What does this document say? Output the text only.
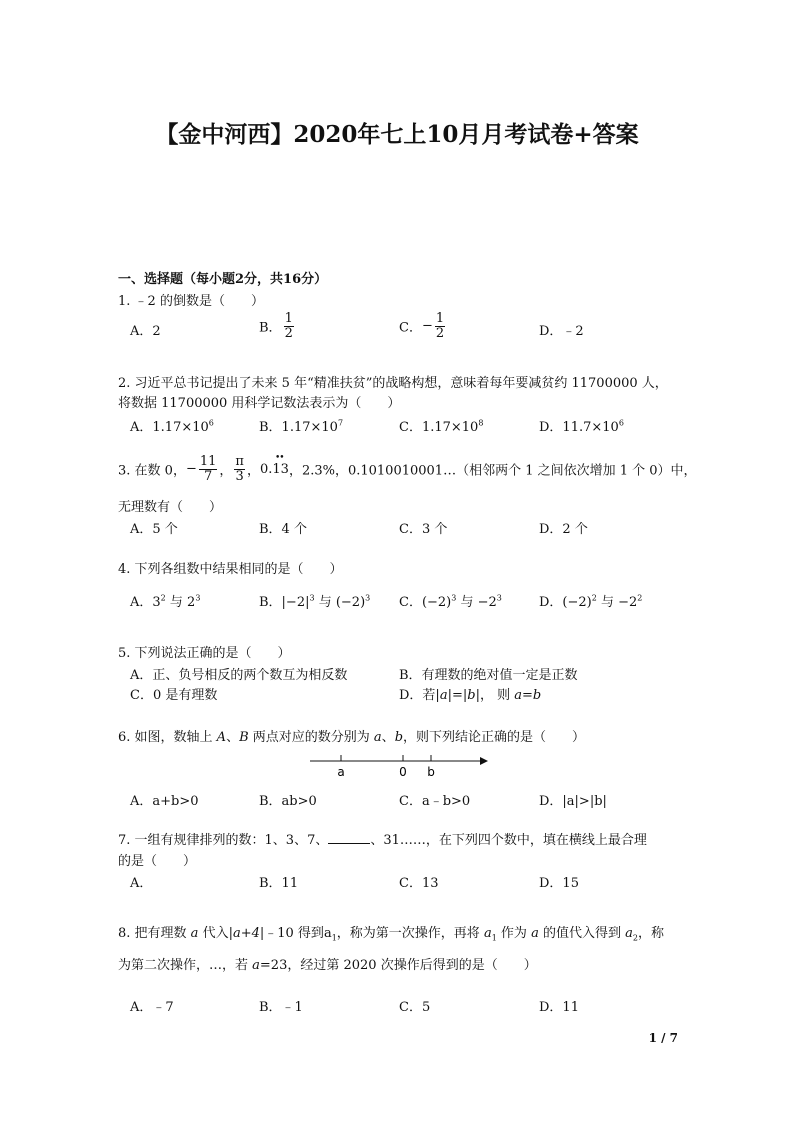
【金中河西】2020年七上10月月考试卷+答案
一、选择题（每小题2分，共16分）
1. ﹣2 的倒数是（　　）
A．2	B． $\frac{1}{2}$	C．− $\frac{1}{2}$	D．﹣2
2. 习近平总书记提出了未来 5 年“精准扶贫”的战略构想，意味着每年要减贫约 11700000 人，
将数据 11700000 用科学记数法表示为（　　）
A．$1.17\times 10^6$	B．$1.17\times 10^7$	C．$1.17\times 10^8$	D．$11.7\times 10^6$
3. 在数 0，− $\frac{11}{7}$ ， $\frac{\pi}{3}$ ，
••
0.13，2.3%，0.1010010001…（相邻两个 1 之间依次增加 1 个 0）中，
无理数有（　　）
A．5 个	B．4 个	C．3 个	D．2 个
4. 下列各组数中结果相同的是（　　）
A．$3^2$ 与 $2^3$	B．$|-2|^3$ 与 $(-2)^3$ C．$(-2)^3$ 与 $-2^3$	D．$(-2)^2$ 与 $-2^2$
5. 下列说法正确的是（　　）
A．正、负号相反的两个数互为相反数	B．有理数的绝对值一定是正数
C．0 是有理数	D．若|a|=|b|， 则 a=b
6. 如图，数轴上 A、B 两点对应的数分别为 a、b，则下列结论正确的是（　　）
a	0 b
A．a+b>0	B．ab>0	C．a﹣b>0	D．|a|>|b|
7. 一组有规律排列的数：1、3、7、	、31……，在下列四个数中，填在横线上最合理
的是（　　）
A．	B．11	C．13	D．15
8. 把有理数 a 代入|a+4|﹣10 得到$a_1$，称为第一次操作，再将 $a_1$ 作为 a 的值代入得到 $a_2$，称
为第二次操作，…，若 a=23，经过第 2020 次操作后得到的是（　　）
A．﹣7	B．﹣1	C．5	D．11
1 / 7
